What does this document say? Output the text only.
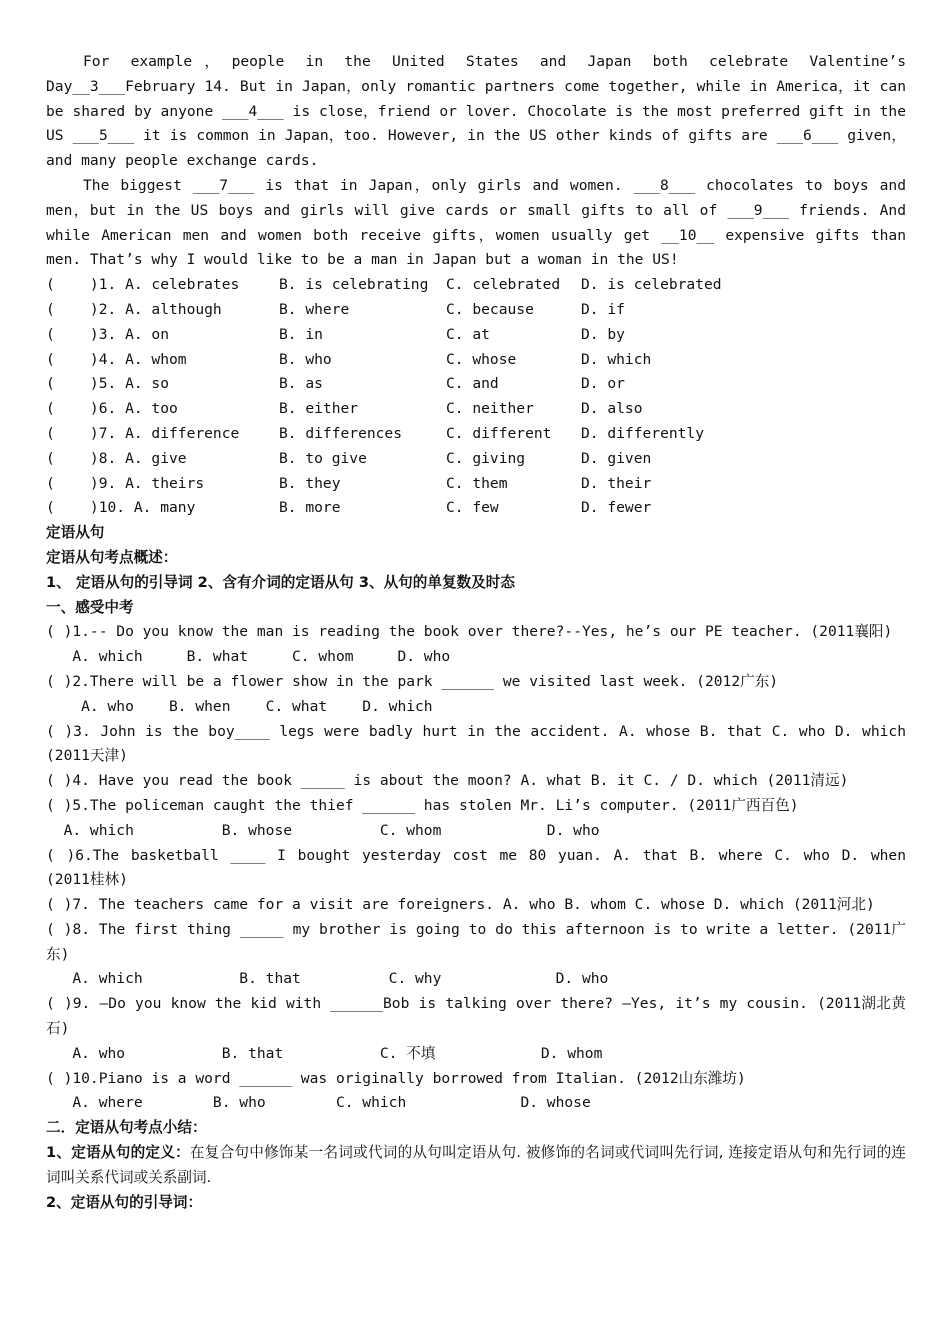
For example，people in the United States and Japan both celebrate Valentine’s Day__3___February 14. But in Japan，only romantic partners come together, while in America，it can be shared by anyone ___4___ is close，friend or lover. Chocolate is the most preferred gift in the US ___5___ it is common in Japan，too. However, in the US other kinds of gifts are ___6___ given，and many people exchange cards.

The biggest ___7___ is that in Japan，only girls and women. ___8___ chocolates to boys and men，but in the US boys and girls will give cards or small gifts to all of ___9___ friends. And while American men and women both receive gifts，women usually get __10__ expensive gifts than men. That’s why I would like to be a man in Japan but a woman in the US!

(    )1. A. celebrates	B. is celebrating C. celebrated D. is celebrated
(    )2. A. although	B. where	C. because	D. if
(    )3. A. on	B. in	C. at	D. by
(    )4. A. whom	B. who	C. whose	D. which
(    )5. A. so	B. as	C. and	D. or
(    )6. A. too	B. either	C. neither	D. also
(    )7. A. difference	B. differences	C. different D. differently
(    )8. A. give	B. to give	C. giving	D. given
(    )9. A. theirs	B. they	C. them	D. their
(    )10. A. many	B. more	C. few	D. fewer
定语从句
定语从句考点概述：
1、 定语从句的引导词 2、含有介词的定语从句 3、从句的单复数及时态
一、感受中考

( )1.-- Do you know the man is reading the book over there?--Yes, he’s our PE teacher. (2011襄阳)

A. which     B. what     C. whom     D. who

( )2.There will be a flower show in the park ______ we visited last week. (2012广东)

A. who    B. when    C. what    D. which

( )3. John is the boy____ legs were badly hurt in the accident. A. whose B. that C. who D. which (2011天津)

( )4. Have you read the book _____ is about the moon? A. what B. it C. / D. which (2011清远)

( )5.The policeman caught the thief ______ has stolen Mr. Li’s computer. (2011广西百色)

A. which          B. whose          C. whom            D. who

( )6.The basketball ____ I bought yesterday cost me 80 yuan. A. that B. where C. who D. when (2011桂林)

( )7. The teachers came for a visit are foreigners. A. who B. whom C. whose D. which (2011河北)

( )8. The first thing _____ my brother is going to do this afternoon is to write a letter. (2011广东)

A. which           B. that          C. why             D. who

( )9. —Do you know the kid with ______Bob is talking over there? —Yes, it’s my cousin. (2011湖北黄石)

A. who           B. that           C. 不填            D. whom

( )10.Piano is a word ______ was originally borrowed from Italian. (2012山东潍坊)

A. where        B. who        C. which             D. whose
二．定语从句考点小结：

1、定语从句的定义：在复合句中修饰某一名词或代词的从句叫定语从句. 被修饰的名词或代词叫先行词, 连接定语从句和先行词的连词叫关系代词或关系副词.

2、定语从句的引导词：
